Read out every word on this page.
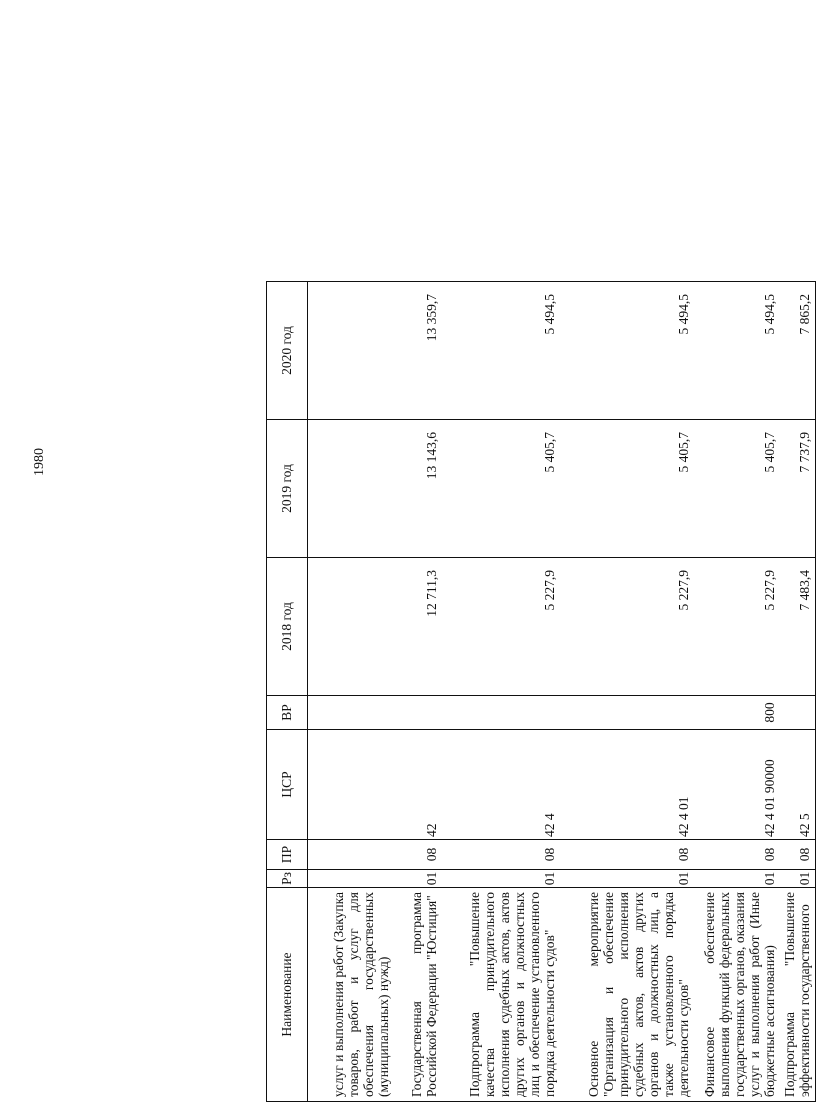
1980
Наименование	Рз	ПР	ЦСР	ВР	2018 год	2019 год	2020 год
услуг и выполнения работ (Закупка товаров, работ и услуг для обеспечения государственных (муниципальных) нужд)							
Государственная программа Российской Федерации "Юстиция"	01	08	42		12 711,3	13 143,6	13 359,7
Подпрограмма "Повышение качества принудительного исполнения судебных актов, актов других органов и должностных лиц и обеспечение установленного порядка деятельности судов"	01	08	42 4		5 227,9	5 405,7	5 494,5
Основное мероприятие "Организация и обеспечение принудительного исполнения судебных актов, актов других органов и должностных лиц, а также установленного порядка деятельности судов"	01	08	42 4 01		5 227,9	5 405,7	5 494,5
Финансовое обеспечение выполнения функций федеральных государственных органов, оказания услуг и выполнения работ (Иные бюджетные ассигнования)	01	08	42 4 01 90000	800	5 227,9	5 405,7	5 494,5
Подпрограмма "Повышение эффективности государственного	01	08	42 5		7 483,4	7 737,9	7 865,2
